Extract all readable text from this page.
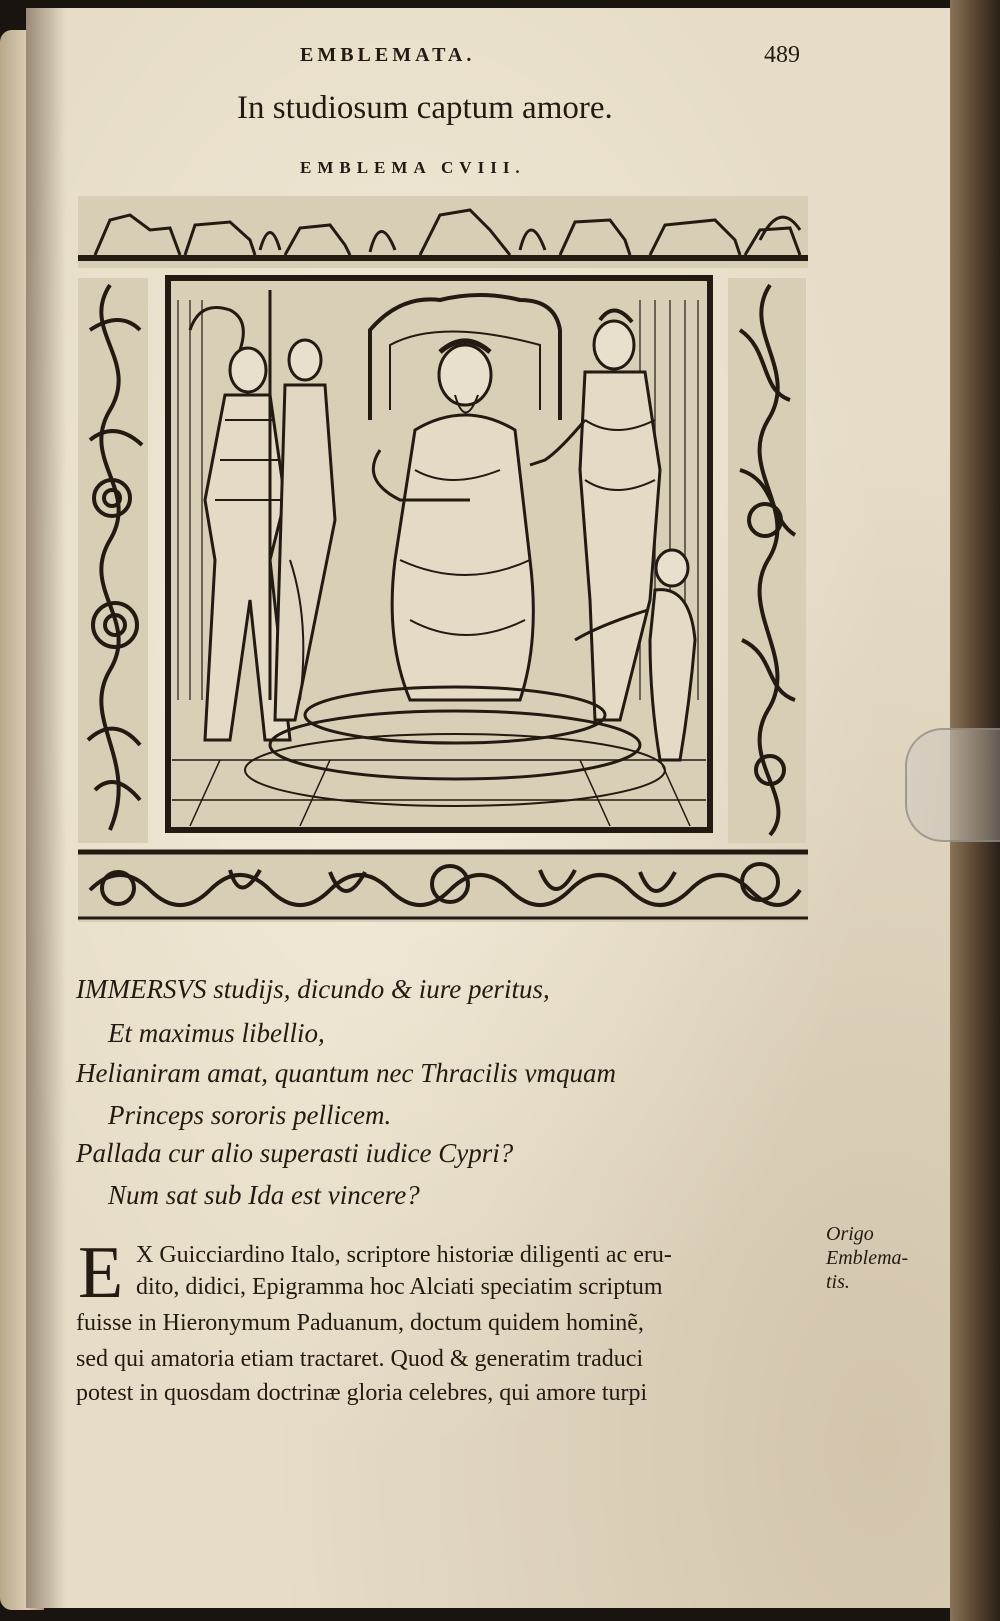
EMBLEMATA.	489
In studiosum captum amore.
EMBLEMA CVIII.
IMMERSVS studijs, dicundo & iure peritus,
Et maximus libellio,
Helianiram amat, quantum nec Thracilis vmquam
Princeps sororis pellicem.
Pallada cur alio superasti iudice Cypri?
Num sat sub Ida est vincere?
E X Guicciardino Italo, scriptore historiæ diligenti ac eru-
dito, didici, Epigramma hoc Alciati speciatim scriptum
fuisse in Hieronymum Paduanum, doctum quidem hominẽ,
sed qui amatoria etiam tractaret. Quod & generatim traduci
potest in quosdam doctrinæ gloria celebres, qui amore turpi
Origo
Emblema-
tis.
